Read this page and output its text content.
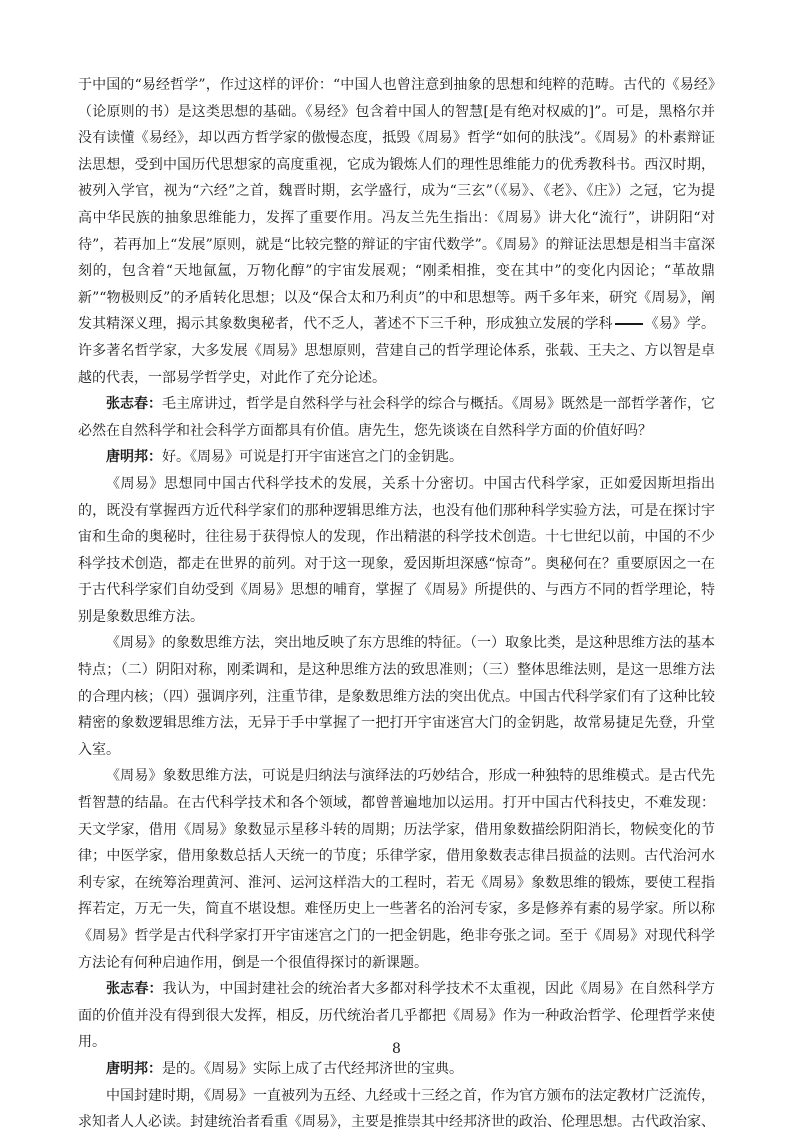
于中国的“易经哲学”，作过这样的评价：“中国人也曾注意到抽象的思想和纯粹的范畴。古代的《易经》（论原则的书）是这类思想的基础。《易经》包含着中国人的智慧[是有绝对权威的]”。可是，黑格尔并没有读懂《易经》，却以西方哲学家的傲慢态度，抵毁《周易》哲学“如何的肤浅”。《周易》的朴素辩证法思想，受到中国历代思想家的高度重视，它成为锻炼人们的理性思维能力的优秀教科书。西汉时期，被列入学官，视为“六经”之首，魏晋时期，玄学盛行，成为“三玄”（《易》、《老》、《庄》）之冠，它为提高中华民族的抽象思维能力，发挥了重要作用。冯友兰先生指出：《周易》讲大化“流行”，讲阴阳“对待”，若再加上“发展”原则，就是“比较完整的辩证的宇宙代数学”。《周易》的辩证法思想是相当丰富深刻的，包含着“天地氤氲，万物化醇”的宇宙发展观；“刚柔相推，变在其中”的变化内因论；“革故鼎新”“物极则反”的矛盾转化思想；以及“保合太和乃利贞”的中和思想等。两千多年来，研究《周易》，阐发其精深义理，揭示其象数奥秘者，代不乏人，著述不下三千种，形成独立发展的学科 《易》学。许多著名哲学家，大多发展《周易》思想原则，营建自己的哲学理论体系，张载、王夫之、方以智是卓越的代表，一部易学哲学史，对此作了充分论述。

张志春：毛主席讲过，哲学是自然科学与社会科学的综合与概括。《周易》既然是一部哲学著作，它必然在自然科学和社会科学方面都具有价值。唐先生，您先谈谈在自然科学方面的价值好吗？

唐明邦：好。《周易》可说是打开宇宙迷宫之门的金钥匙。

《周易》思想同中国古代科学技术的发展，关系十分密切。中国古代科学家，正如爱因斯坦指出的，既没有掌握西方近代科学家们的那种逻辑思维方法，也没有他们那种科学实验方法，可是在探讨宇宙和生命的奥秘时，往往易于获得惊人的发现，作出精湛的科学技术创造。十七世纪以前，中国的不少科学技术创造，都走在世界的前列。对于这一现象，爱因斯坦深感“惊奇”。奥秘何在？重要原因之一在于古代科学家们自幼受到《周易》思想的哺育，掌握了《周易》所提供的、与西方不同的哲学理论，特别是象数思维方法。

《周易》的象数思维方法，突出地反映了东方思维的特征。（一）取象比类，是这种思维方法的基本特点；（二）阴阳对称，刚柔调和，是这种思维方法的致思准则；（三）整体思维法则，是这一思维方法的合理内核；（四）强调序列，注重节律，是象数思维方法的突出优点。中国古代科学家们有了这种比较精密的象数逻辑思维方法，无异于手中掌握了一把打开宇宙迷宫大门的金钥匙，故常易捷足先登，升堂入室。

《周易》象数思维方法，可说是归纳法与演绎法的巧妙结合，形成一种独特的思维模式。是古代先哲智慧的结晶。在古代科学技术和各个领域，都曾普遍地加以运用。打开中国古代科技史，不难发现：天文学家，借用《周易》象数显示星移斗转的周期；历法学家，借用象数描绘阴阳消长，物候变化的节律；中医学家，借用象数总括人天统一的节度；乐律学家，借用象数表志律吕损益的法则。古代治河水利专家，在统筹治理黄河、淮河、运河这样浩大的工程时，若无《周易》象数思维的锻炼，要使工程指挥若定，万无一失，简直不堪设想。难怪历史上一些著名的治河专家，多是修养有素的易学家。所以称《周易》哲学是古代科学家打开宇宙迷宫之门的一把金钥匙，绝非夸张之词。至于《周易》对现代科学方法论有何种启迪作用，倒是一个很值得探讨的新课题。

张志春：我认为，中国封建社会的统治者大多都对科学技术不太重视，因此《周易》在自然科学方面的价值并没有得到很大发挥，相反，历代统治者几乎都把《周易》作为一种政治哲学、伦理哲学来使用。

唐明邦：是的。《周易》实际上成了古代经邦济世的宝典。

中国封建时期，《周易》一直被列为五经、九经或十三经之首，作为官方颁布的法定教材广泛流传，求知者人人必读。封建统治者看重《周易》，主要是推崇其中经邦济世的政治、伦理思想。古代政治家、

8
